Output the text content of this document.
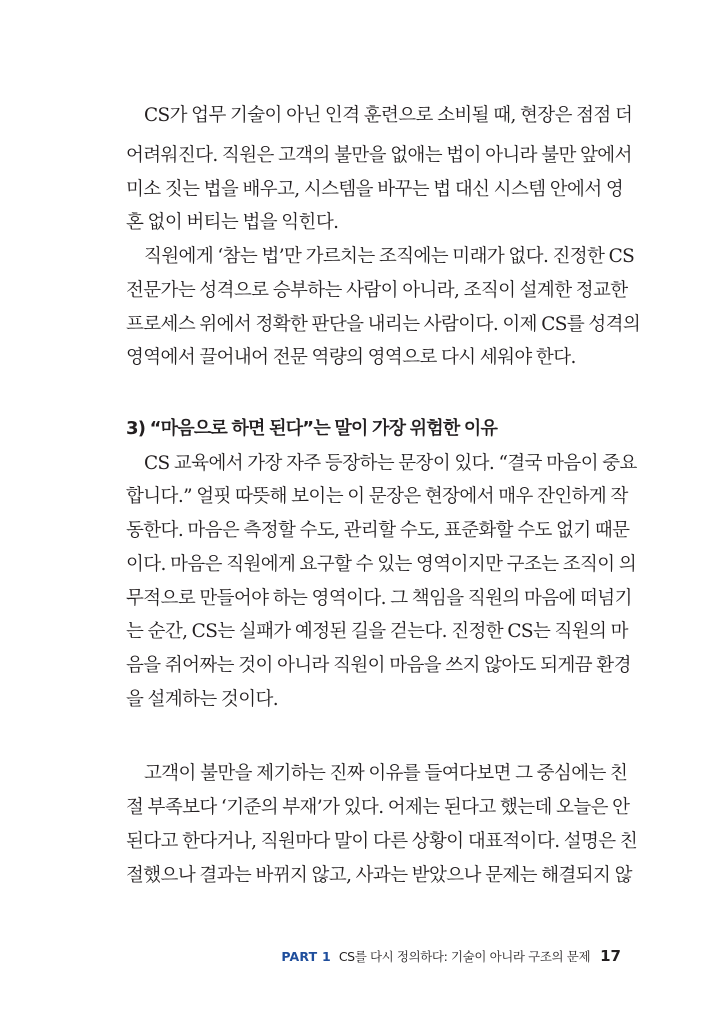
CS가 업무 기술이 아닌 인격 훈련으로 소비될 때, 현장은 점점 더
어려워진다. 직원은 고객의 불만을 없애는 법이 아니라 불만 앞에서
미소 짓는 법을 배우고, 시스템을 바꾸는 법 대신 시스템 안에서 영
혼 없이 버티는 법을 익힌다.
직원에게 ‘참는 법’만 가르치는 조직에는 미래가 없다. 진정한 CS
전문가는 성격으로 승부하는 사람이 아니라, 조직이 설계한 정교한
프로세스 위에서 정확한 판단을 내리는 사람이다. 이제 CS를 성격의
영역에서 끌어내어 전문 역량의 영역으로 다시 세워야 한다.
3) “마음으로 하면 된다”는 말이 가장 위험한 이유
CS 교육에서 가장 자주 등장하는 문장이 있다. “결국 마음이 중요
합니다.” 얼핏 따뜻해 보이는 이 문장은 현장에서 매우 잔인하게 작
동한다. 마음은 측정할 수도, 관리할 수도, 표준화할 수도 없기 때문
이다. 마음은 직원에게 요구할 수 있는 영역이지만 구조는 조직이 의
무적으로 만들어야 하는 영역이다. 그 책임을 직원의 마음에 떠넘기
는 순간, CS는 실패가 예정된 길을 걷는다. 진정한 CS는 직원의 마
음을 쥐어짜는 것이 아니라 직원이 마음을 쓰지 않아도 되게끔 환경
을 설계하는 것이다.
고객이 불만을 제기하는 진짜 이유를 들여다보면 그 중심에는 친
절 부족보다 ‘기준의 부재’가 있다. 어제는 된다고 했는데 오늘은 안
된다고 한다거나, 직원마다 말이 다른 상황이 대표적이다. 설명은 친
절했으나 결과는 바뀌지 않고, 사과는 받았으나 문제는 해결되지 않
PART 1 CS를 다시 정의하다: 기술이 아니라 구조의 문제 17
